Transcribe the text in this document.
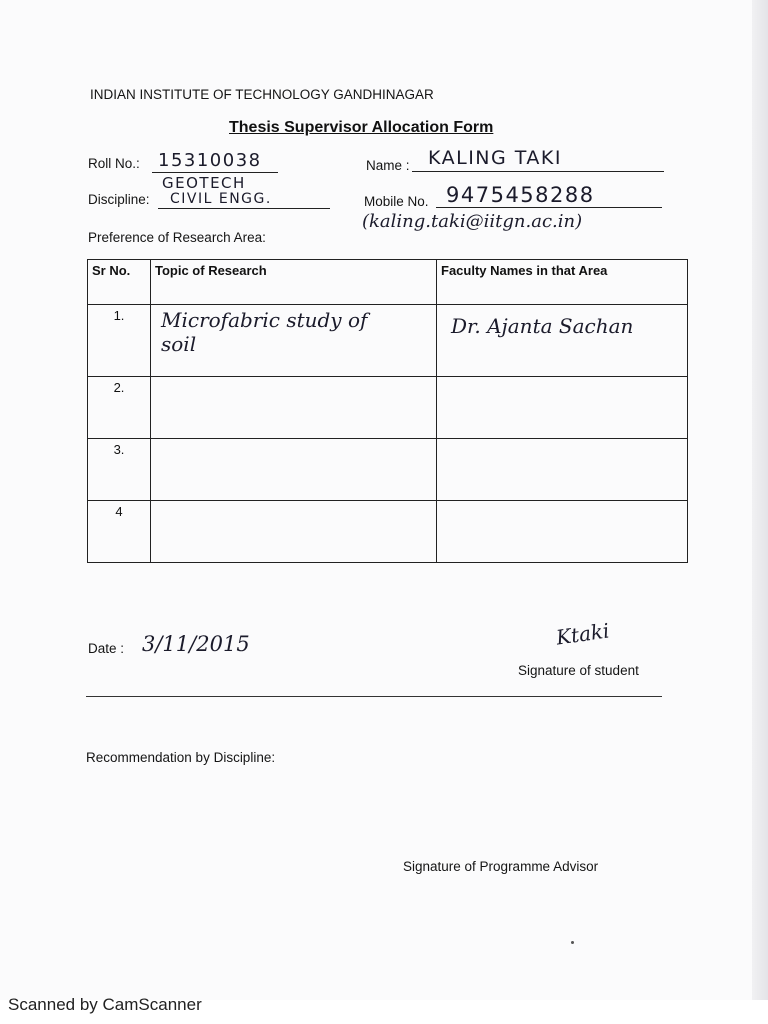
INDIAN INSTITUTE OF TECHNOLOGY GANDHINAGAR
Thesis Supervisor Allocation Form
Roll No.: 15310038	Name : KALING TAKI
GEOTECH
Discipline: CIVIL ENGG.	Mobile No. 9475458288
(kaling.taki@iitgn.ac.in)
Preference of Research Area:
Sr No.	Topic of Research	Faculty Names in that Area
1.	Microfabric study of soil	Dr. Ajanta Sachan

2.		
3.		
4		
Date : 3/11/2015	Ktaki
Signature of student
Recommendation by Discipline:
Signature of Programme Advisor
Scanned by CamScanner
